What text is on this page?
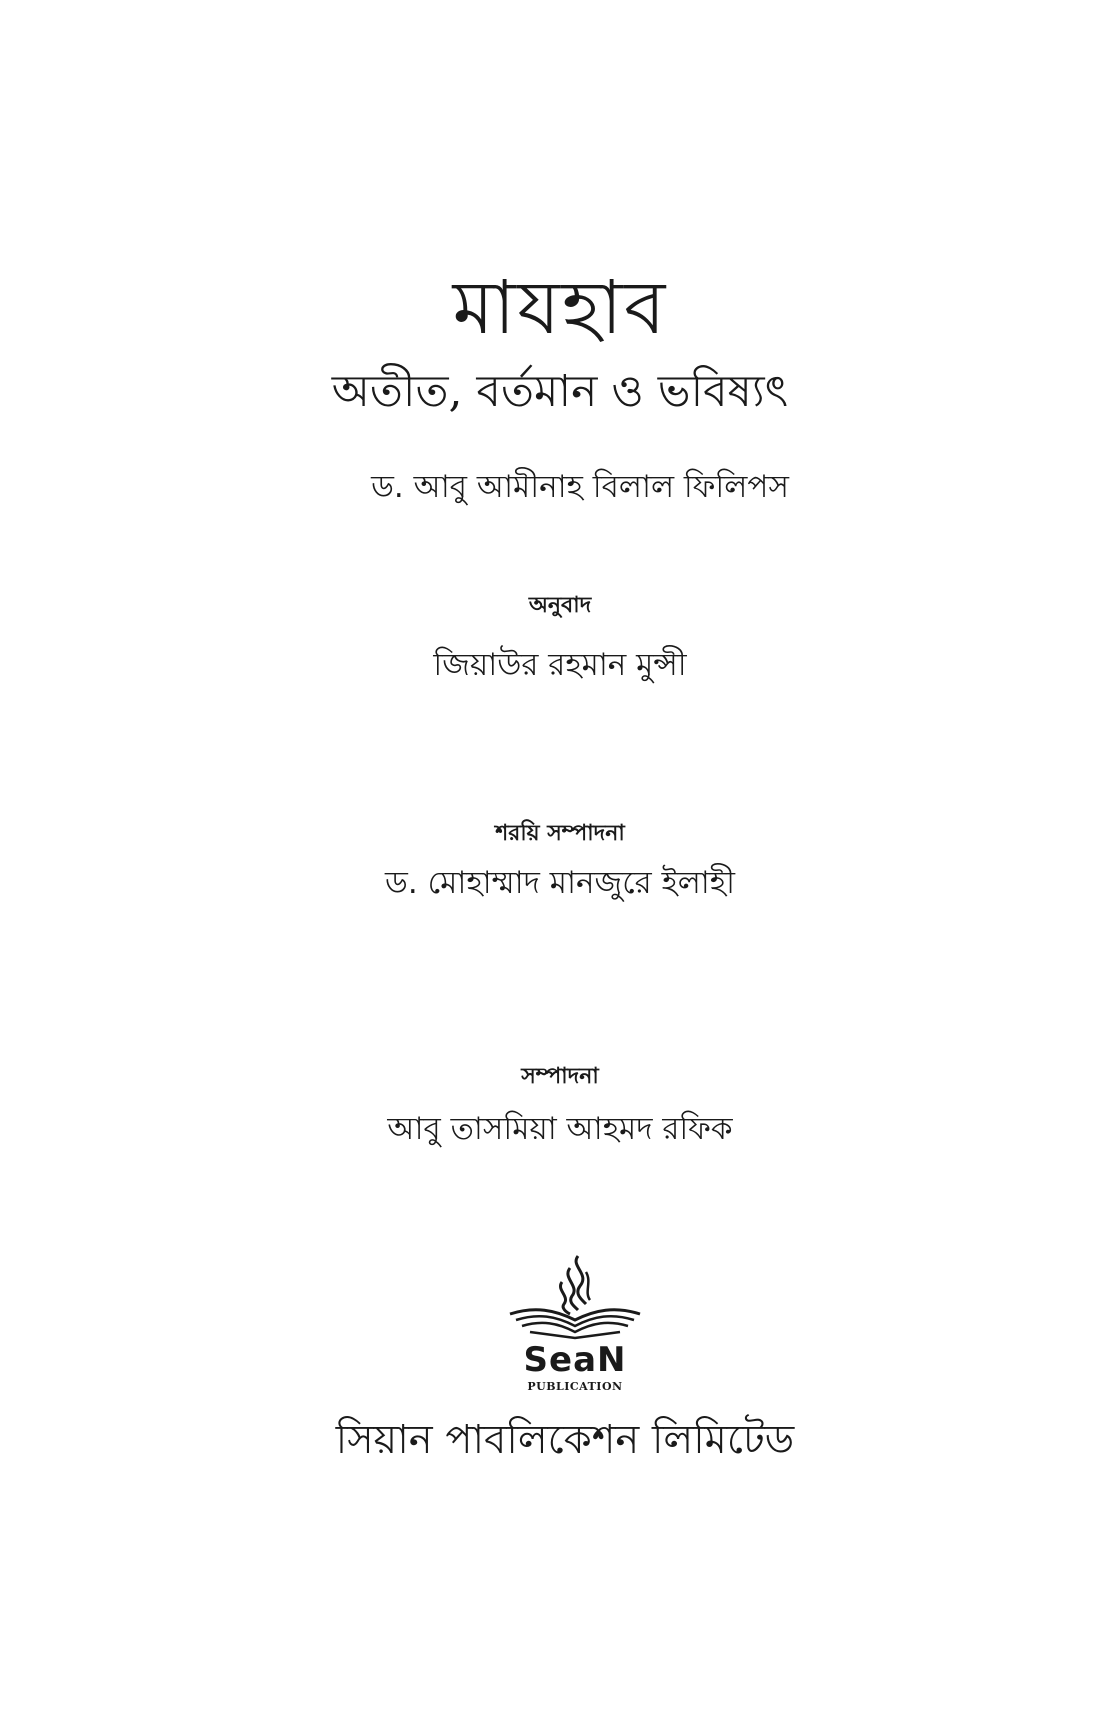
মাযহাব
অতীত, বর্তমান ও ভবিষ্যৎ
ড. আবু আমীনাহ বিলাল ফিলিপস
অনুবাদ
জিয়াউর রহমান মুন্সী
শরয়ি সম্পাদনা
ড. মোহাম্মাদ মানজুরে ইলাহী
সম্পাদনা
আবু তাসমিয়া আহমদ রফিক
SeaN
PUBLICATION
সিয়ান পাবলিকেশন লিমিটেড
